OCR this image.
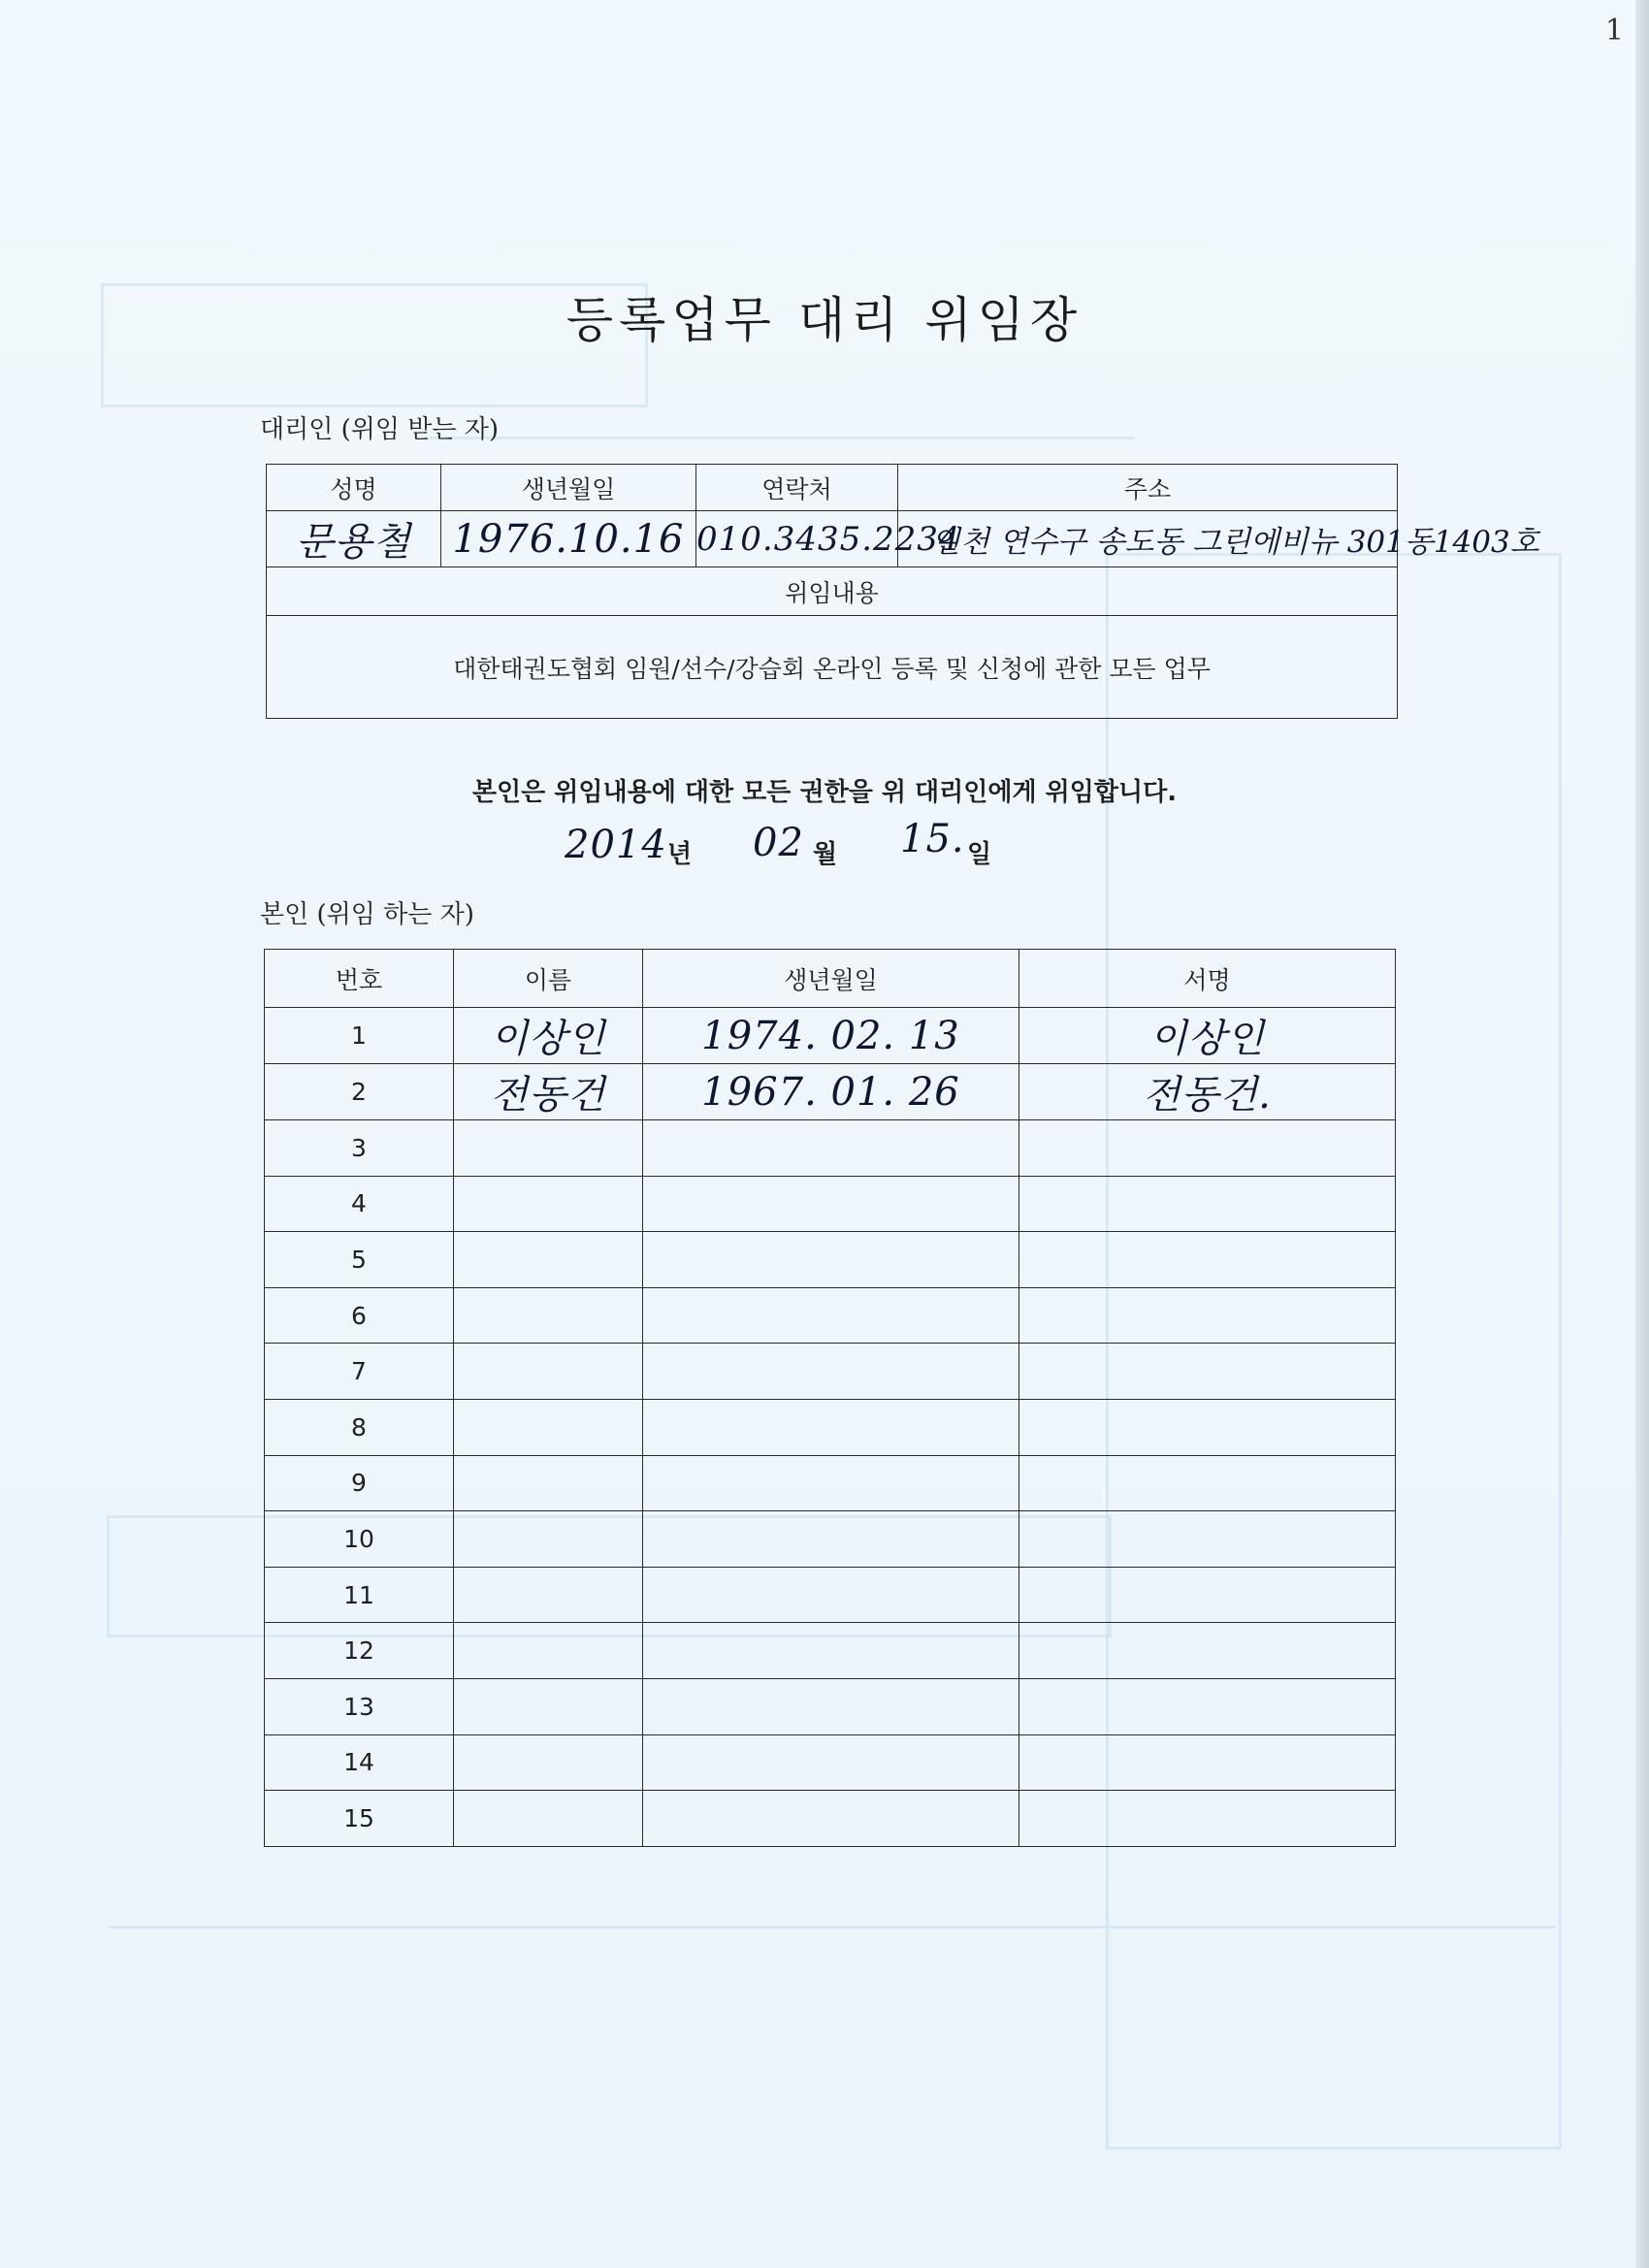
1
등록업무 대리 위임장
대리인 (위임 받는 자)
성명	생년월일	연락처	주소
문용철	1976.10.16	010.3435.2234	인천 연수구 송도동 그린에비뉴 301동1403호
위임내용			
대한태권도협회 임원/선수/강습회 온라인 등록 및 신청에 관한 모든 업무			
본인은 위임내용에 대한 모든 권한을 위 대리인에게 위임합니다.
2014 년 02 월 15. 일
본인 (위임 하는 자)
번호	이름	생년월일	서명
1	이상인	1974. 02. 13	이상인
2	전동건	1967. 01. 26	전동건.
3			
4			
5			
6			
7			
8			
9			
10			
11			
12			
13			
14			
15			
